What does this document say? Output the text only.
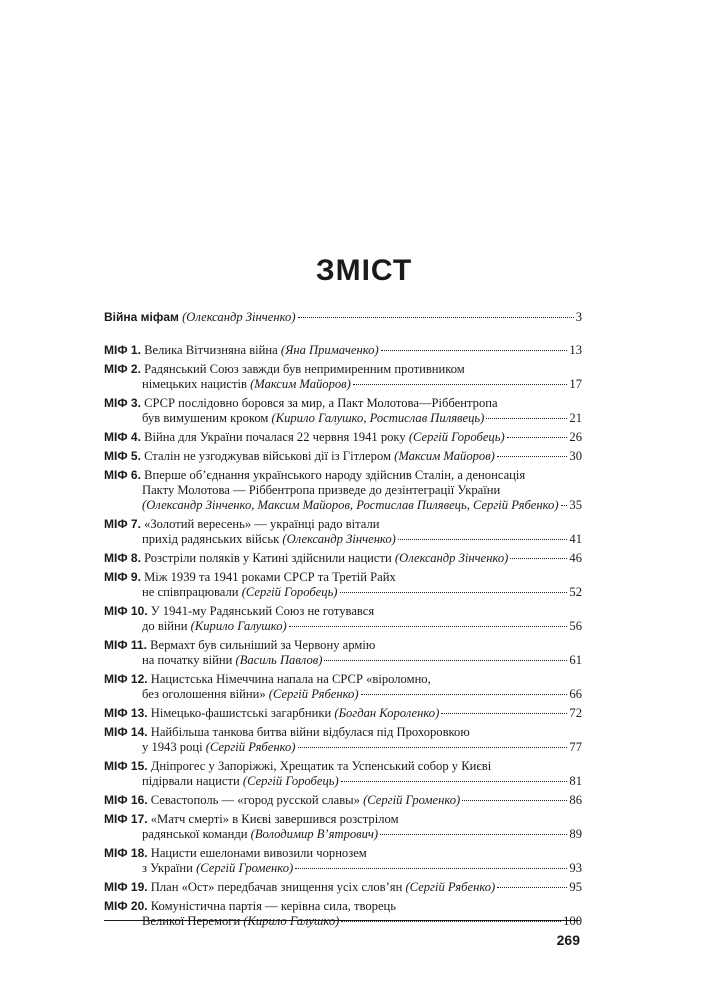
ЗМІСТ
Війна міфам
(Олександр Зінченко)	3
МІФ 1. Велика Вітчизняна війна (Яна Примаченко)	13
МІФ 2. Радянський Союз завжди був непримиренним противником
німецьких нацистів (Максим Майоров)	17
МІФ 3. СРСР послідовно боровся за мир, а Пакт Молотова—Ріббентропа
був вимушеним кроком (Кирило Галушко, Ростислав Пилявець)	21
МІФ 4. Війна для України почалася 22 червня 1941 року (Сергій Горобець)	26
МІФ 5. Сталін не узгоджував військові дії із Гітлером (Максим Майоров)	30
МІФ 6. Вперше об’єднання українського народу здійснив Сталін, а денонсація
Пакту Молотова — Ріббентропа призведе до дезінтеграції України
(Олександр Зінченко, Максим Майоров, Ростислав Пилявець, Сергій Рябенко) 35
МІФ 7. «Золотий вересень» — українці радо вітали
прихід радянських військ (Олександр Зінченко)	41
МІФ 8. Розстріли поляків у Катині здійснили нацисти (Олександр Зінченко)	46
МІФ 9. Між 1939 та 1941 роками СРСР та Третій Райх
не співпрацювали (Сергій Горобець)	52
МІФ 10. У 1941-му Радянський Союз не готувався
до війни (Кирило Галушко)	56
МІФ 11. Вермахт був сильніший за Червону армію
на початку війни (Василь Павлов)	61
МІФ 12. Нацистська Німеччина напала на СРСР «віроломно,
без оголошення війни» (Сергій Рябенко)	66
МІФ 13. Німецько-фашистські загарбники (Богдан Короленко)	72
МІФ 14. Найбільша танкова битва війни відбулася під Прохоровкою
у 1943 році (Сергій Рябенко)	77
МІФ 15. Дніпрогес у Запоріжжі, Хрещатик та Успенський собор у Києві
підірвали нацисти (Сергій Горобець)	81
МІФ 16. Севастополь — «город русской славы» (Сергій Громенко)	86
МІФ 17. «Матч смерті» в Києві завершився розстрілом
радянської команди (Володимир В’ятрович)	89
МІФ 18. Нацисти ешелонами вивозили чорнозем
з України (Сергій Громенко)	93
МІФ 19. План «Ост» передбачав знищення усіх слов’ян (Сергій Рябенко)	95
МІФ 20. Комуністична партія — керівна сила, творець
Великої Перемоги (Кирило Галушко)	100
269
